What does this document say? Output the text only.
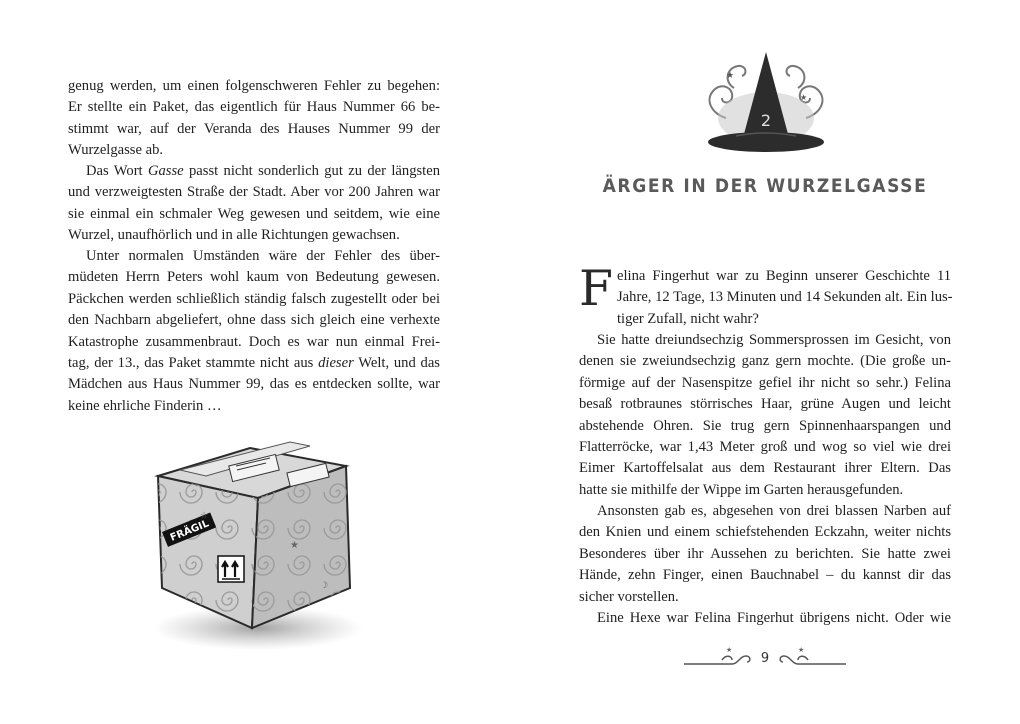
genug werden, um einen folgenschweren Fehler zu begehen:
Er stellte ein Paket, das eigentlich für Haus Nummer 66 be-
stimmt war, auf der Veranda des Hauses Nummer 99 der
Wurzelgasse ab.
Das Wort Gasse passt nicht sonderlich gut zu der längsten
und verzweigtesten Straße der Stadt. Aber vor 200 Jahren war
sie einmal ein schmaler Weg gewesen und seitdem, wie eine
Wurzel, unaufhörlich und in alle Richtungen gewachsen.
Unter normalen Umständen wäre der Fehler des über-
müdeten Herrn Peters wohl kaum von Bedeutung gewesen.
Päckchen werden schließlich ständig falsch zugestellt oder bei
den Nachbarn abgeliefert, ohne dass sich gleich eine verhexte
Katastrophe zusammenbraut. Doch es war nun einmal Frei-
tag, der 13., das Paket stammte nicht aus dieser Welt, und das
Mädchen aus Haus Nummer 99, das es entdecken sollte, war
keine ehrliche Finderin …
FRÄGIL
★
☆
☽
2
★
★
ÄRGER IN DER WURZELGASSE
F elina Fingerhut war zu Beginn unserer Geschichte 11
Jahre, 12 Tage, 13 Minuten und 14 Sekunden alt. Ein lus-
tiger Zufall, nicht wahr?
Sie hatte dreiundsechzig Sommersprossen im Gesicht, von
denen sie zweiundsechzig ganz gern mochte. (Die große un-
förmige auf der Nasenspitze gefiel ihr nicht so sehr.) Felina
besaß rotbraunes störrisches Haar, grüne Augen und leicht
abstehende Ohren. Sie trug gern Spinnenhaarspangen und
Flatterröcke, war 1,43 Meter groß und wog so viel wie drei
Eimer Kartoffelsalat aus dem Restaurant ihrer Eltern. Das
hatte sie mithilfe der Wippe im Garten herausgefunden.
Ansonsten gab es, abgesehen von drei blassen Narben auf
den Knien und einem schiefstehenden Eckzahn, weiter nichts
Besonderes über ihr Aussehen zu berichten. Sie hatte zwei
Hände, zehn Finger, einen Bauchnabel – du kannst dir das
sicher vorstellen.
Eine Hexe war Felina Fingerhut übrigens nicht. Oder wie
9
★	★
